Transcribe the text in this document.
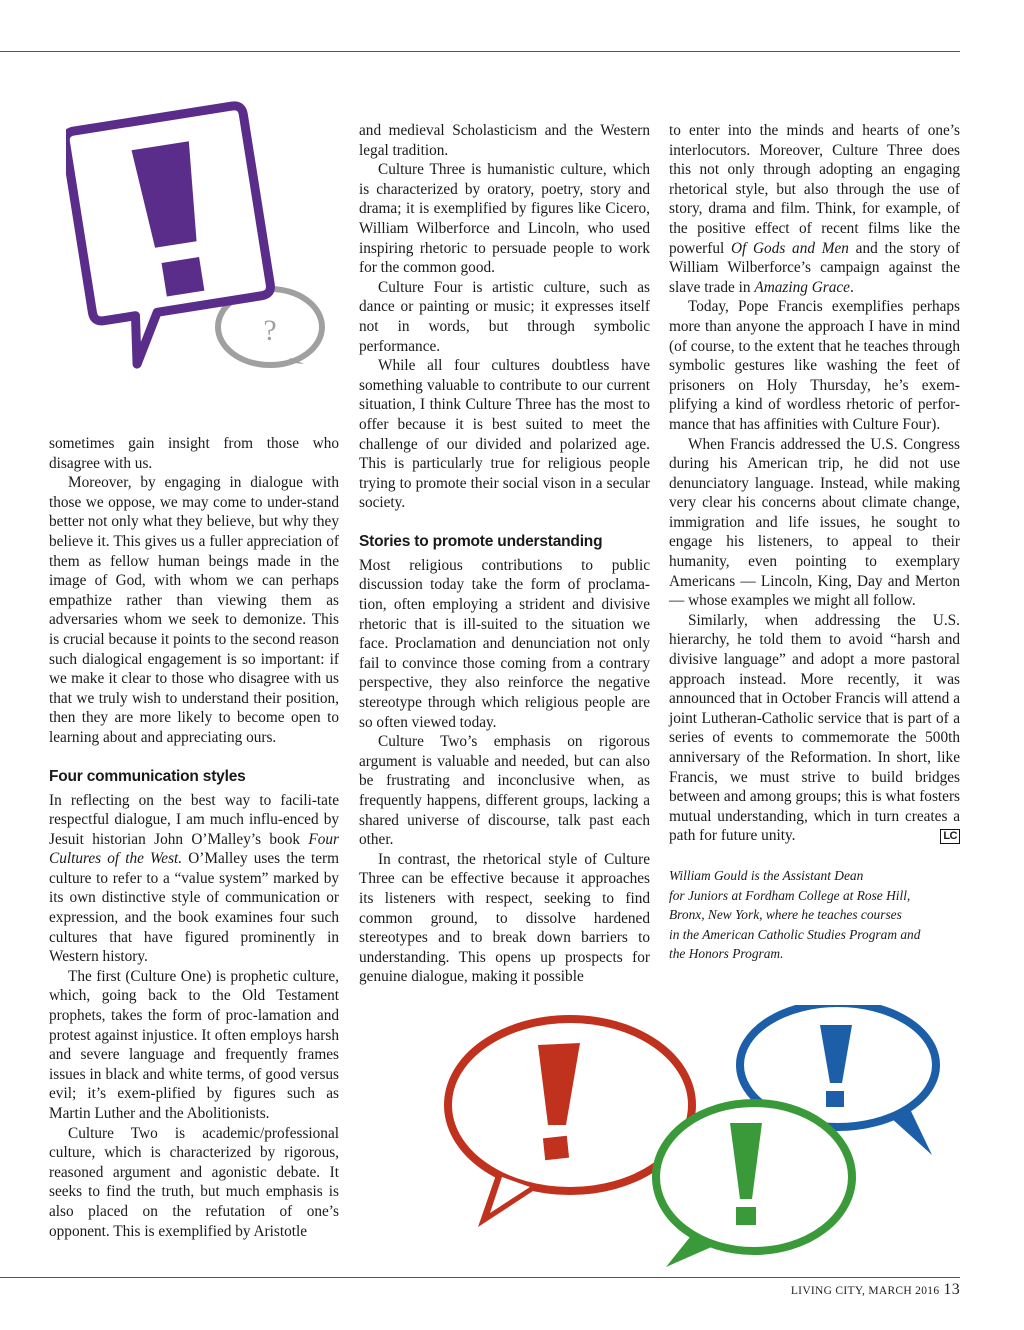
?

sometimes gain insight from those who disagree with us.

Moreover, by engaging in dialogue with those we oppose, we may come to under-stand better not only what they believe, but why they believe it. This gives us a fuller appreciation of them as fellow human beings made in the image of God, with whom we can perhaps empathize rather than viewing them as adversaries whom we seek to demonize. This is crucial because it points to the second reason such dialogical engagement is so important: if we make it clear to those who disagree with us that we truly wish to understand their position, then they are more likely to become open to learning about and appreciating ours.

Four communication styles

In reflecting on the best way to facili-tate respectful dialogue, I am much influ-enced by Jesuit historian John O’Malley’s book Four Cultures of the West. O’Malley uses the term culture to refer to a “value system” marked by its own distinctive style of communication or expression, and the book examines four such cultures that have figured prominently in Western history.

The first (Culture One) is prophetic culture, which, going back to the Old Testament prophets, takes the form of proc-lamation and protest against injustice. It often employs harsh and severe language and frequently frames issues in black and white terms, of good versus evil; it’s exem-plified by figures such as Martin Luther and the Abolitionists.

Culture Two is academic/professional culture, which is characterized by rigorous, reasoned argument and agonistic debate. It seeks to find the truth, but much emphasis is also placed on the refutation of one’s opponent. This is exemplified by Aristotle

and medieval Scholasticism and the Western legal tradition.

Culture Three is humanistic culture, which is characterized by oratory, poetry, story and drama; it is exemplified by figures like Cicero, William Wilberforce and Lincoln, who used inspiring rhetoric to persuade people to work for the common good.

Culture Four is artistic culture, such as dance or painting or music; it expresses itself not in words, but through symbolic performance.

While all four cultures doubtless have something valuable to contribute to our current situation, I think Culture Three has the most to offer because it is best suited to meet the challenge of our divided and polarized age. This is particularly true for religious people trying to promote their social vison in a secular society.

Stories to promote understanding

Most religious contributions to public discussion today take the form of proclama-tion, often employing a strident and divisive rhetoric that is ill-suited to the situation we face. Proclamation and denunciation not only fail to convince those coming from a contrary perspective, they also reinforce the negative stereotype through which religious people are so often viewed today.

Culture Two’s emphasis on rigorous argument is valuable and needed, but can also be frustrating and inconclusive when, as frequently happens, different groups, lacking a shared universe of discourse, talk past each other.

In contrast, the rhetorical style of Culture Three can be effective because it approaches its listeners with respect, seeking to find common ground, to dissolve hardened stereotypes and to break down barriers to understanding. This opens up prospects for genuine dialogue, making it possible

to enter into the minds and hearts of one’s interlocutors. Moreover, Culture Three does this not only through adopting an engaging rhetorical style, but also through the use of story, drama and film. Think, for example, of the positive effect of recent films like the powerful Of Gods and Men and the story of William Wilberforce’s campaign against the slave trade in Amazing Grace.

Today, Pope Francis exemplifies perhaps more than anyone the approach I have in mind (of course, to the extent that he teaches through symbolic gestures like washing the feet of prisoners on Holy Thursday, he’s exem-plifying a kind of wordless rhetoric of perfor-mance that has affinities with Culture Four).

When Francis addressed the U.S. Congress during his American trip, he did not use denunciatory language. Instead, while making very clear his concerns about climate change, immigration and life issues, he sought to engage his listeners, to appeal to their humanity, even pointing to exemplary Americans — Lincoln, King, Day and Merton — whose examples we might all follow.

Similarly, when addressing the U.S. hierarchy, he told them to avoid “harsh and divisive language” and adopt a more pastoral approach instead. More recently, it was announced that in October Francis will attend a joint Lutheran-Catholic service that is part of a series of events to commemorate the 500th anniversary of the Reformation. In short, like Francis, we must strive to build bridges between and among groups; this is what fosters mutual understanding, which in turn creates a path for future unity.	LC
William Gould is the Assistant Dean
for Juniors at Fordham College at Rose Hill,
Bronx, New York, where he teaches courses
in the American Catholic Studies Program and
the Honors Program.
LIVING CITY, MARCH 2016 13
